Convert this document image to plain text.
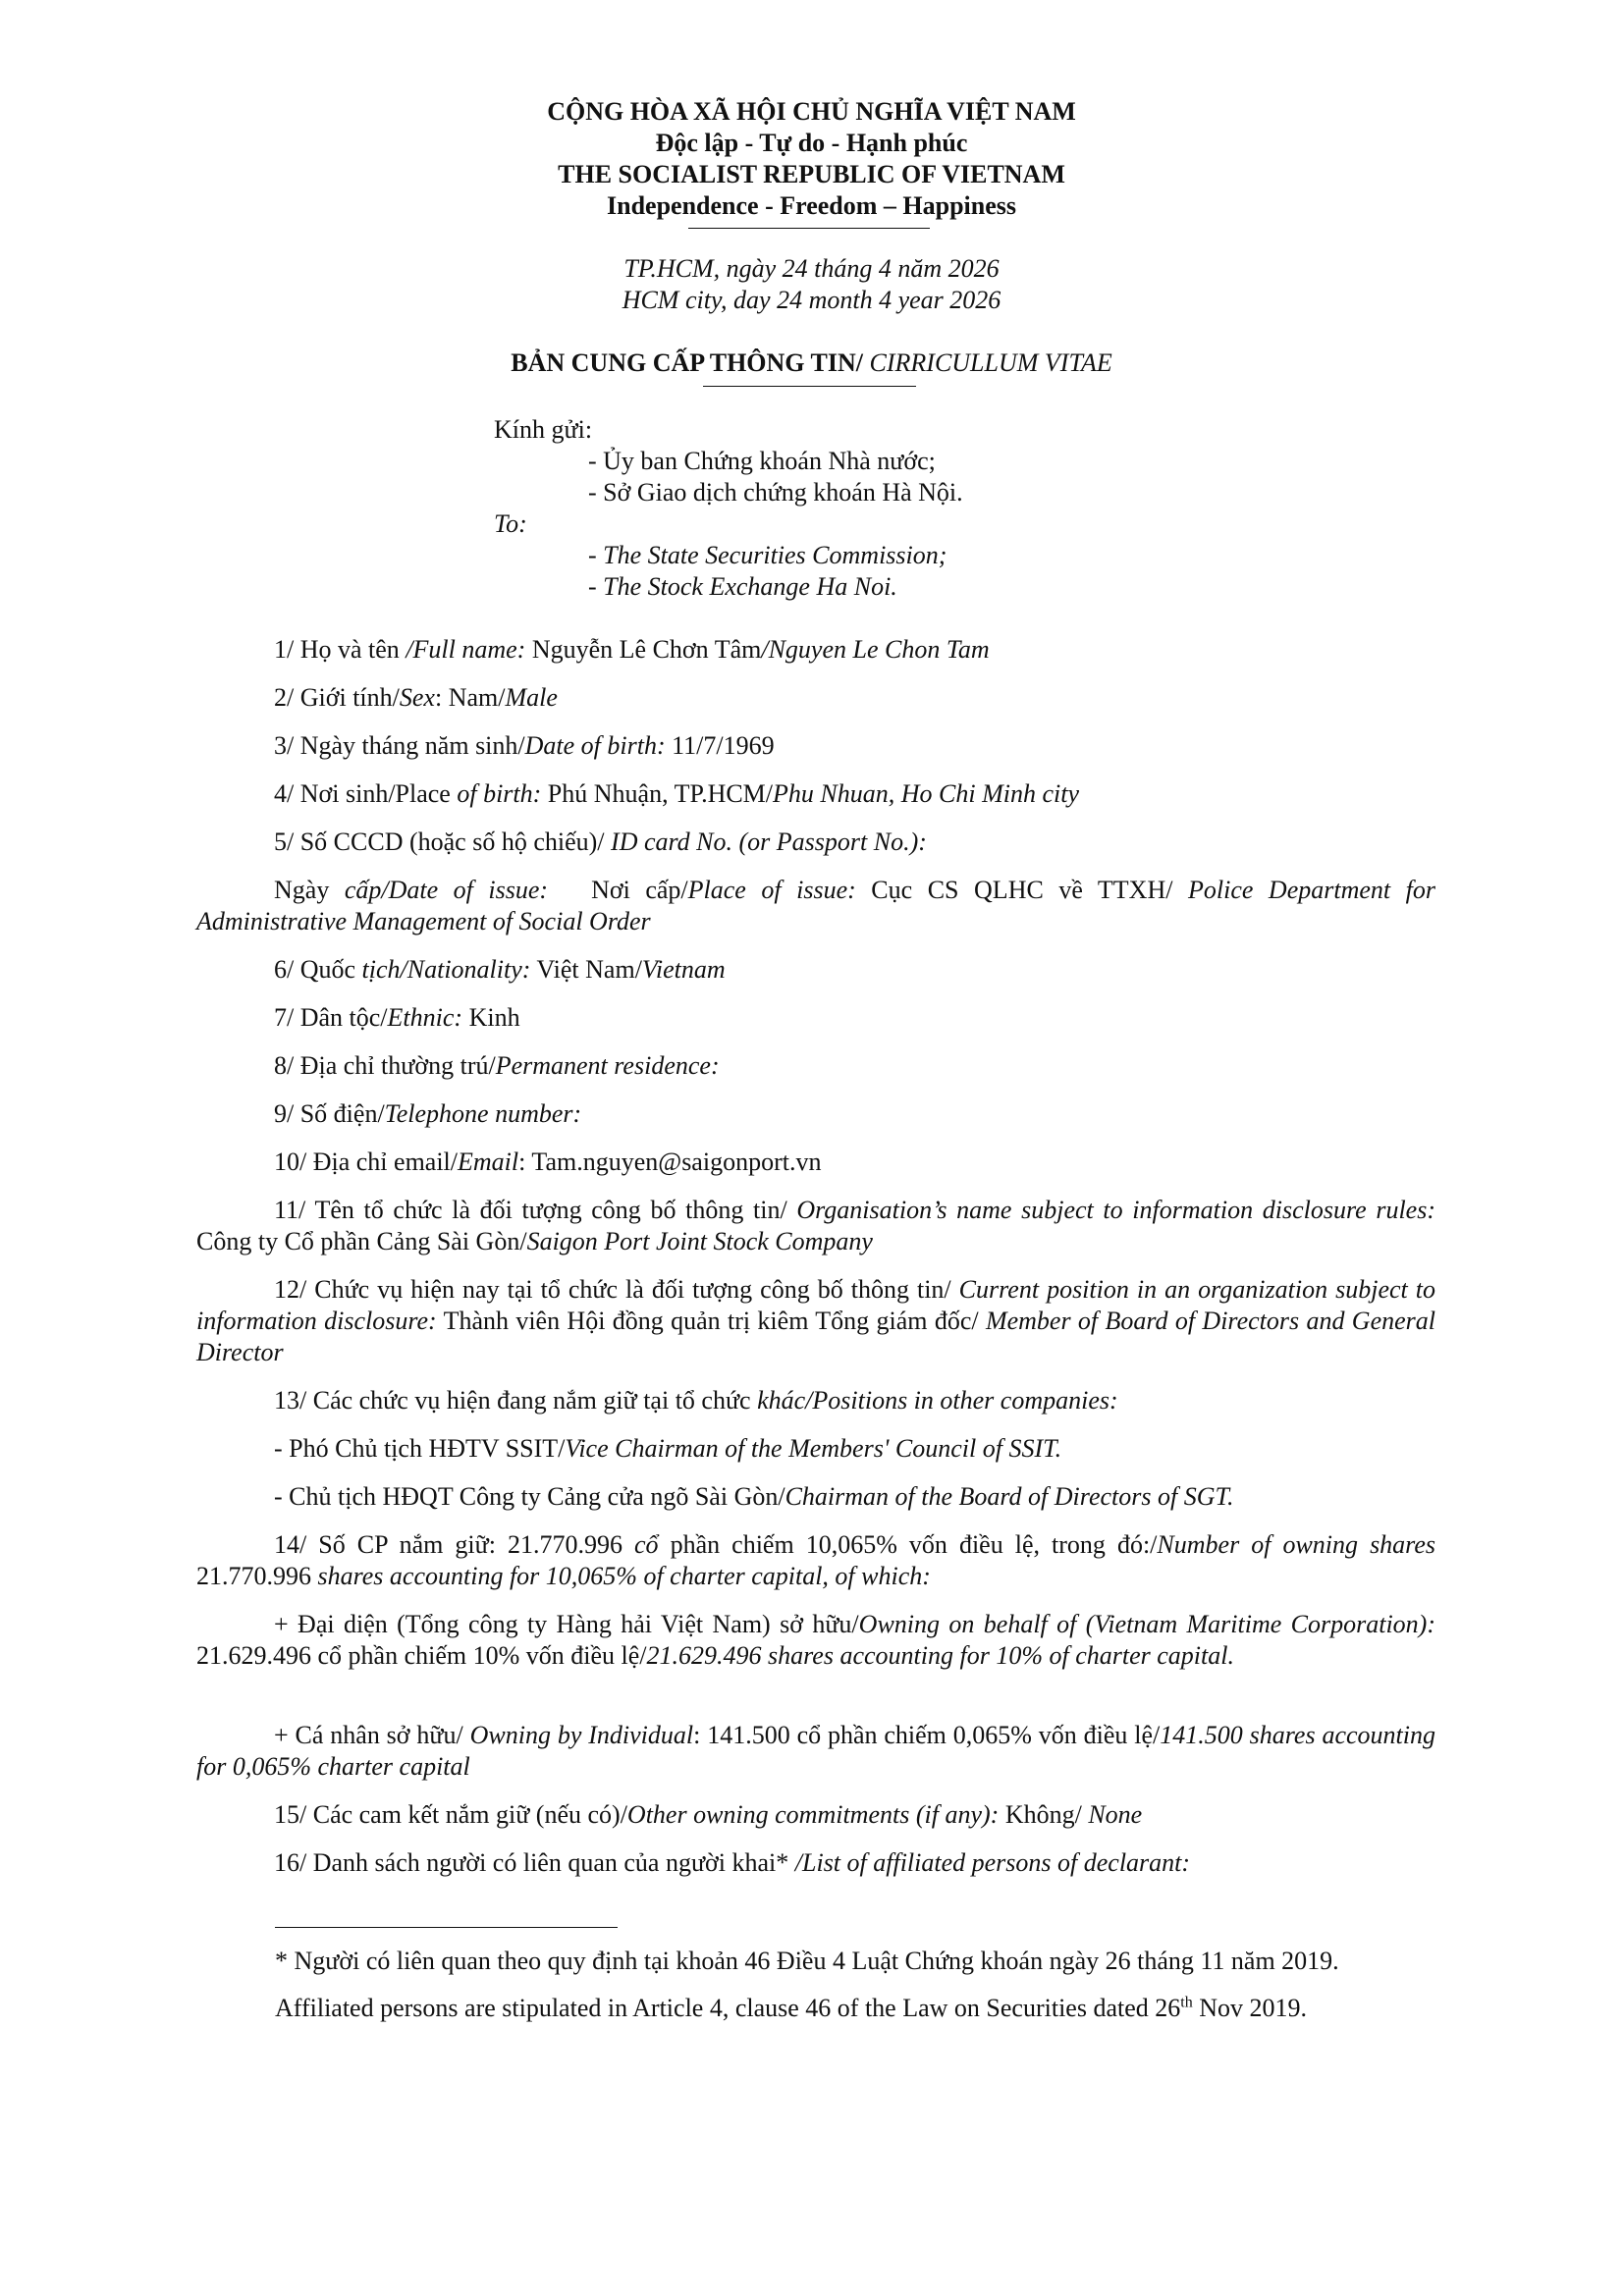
CỘNG HÒA XÃ HỘI CHỦ NGHĨA VIỆT NAM
Độc lập - Tự do - Hạnh phúc
THE SOCIALIST REPUBLIC OF VIETNAM
Independence - Freedom – Happiness
TP.HCM, ngày 24 tháng 4 năm 2026
HCM city, day 24 month 4 year 2026
BẢN CUNG CẤP THÔNG TIN/ CIRRICULLUM VITAE
Kính gửi:
- Ủy ban Chứng khoán Nhà nước;
- Sở Giao dịch chứng khoán Hà Nội.
To:
- The State Securities Commission;
- The Stock Exchange Ha Noi.
1/ Họ và tên /Full name: Nguyễn Lê Chơn Tâm/Nguyen Le Chon Tam
2/ Giới tính/Sex: Nam/Male
3/ Ngày tháng năm sinh/Date of birth: 11/7/1969
4/ Nơi sinh/Place of birth: Phú Nhuận, TP.HCM/Phu Nhuan, Ho Chi Minh city
5/ Số CCCD (hoặc số hộ chiếu)/ ID card No. (or Passport No.):
Ngày cấp/Date of issue: Nơi cấp/Place of issue: Cục CS QLHC về TTXH/ Police Department for Administrative Management of Social Order
6/ Quốc tịch/Nationality: Việt Nam/Vietnam
7/ Dân tộc/Ethnic: Kinh
8/ Địa chỉ thường trú/Permanent residence:
9/ Số điện/Telephone number:
10/ Địa chỉ email/Email: Tam.nguyen@saigonport.vn
11/ Tên tổ chức là đối tượng công bố thông tin/ Organisation’s name subject to information disclosure rules: Công ty Cổ phần Cảng Sài Gòn/Saigon Port Joint Stock Company
12/ Chức vụ hiện nay tại tổ chức là đối tượng công bố thông tin/ Current position in an organization subject to information disclosure: Thành viên Hội đồng quản trị kiêm Tổng giám đốc/ Member of Board of Directors and General Director
13/ Các chức vụ hiện đang nắm giữ tại tổ chức khác/Positions in other companies:
- Phó Chủ tịch HĐTV SSIT/Vice Chairman of the Members' Council of SSIT.
- Chủ tịch HĐQT Công ty Cảng cửa ngõ Sài Gòn/Chairman of the Board of Directors of SGT.
14/ Số CP nắm giữ: 21.770.996 cổ phần chiếm 10,065% vốn điều lệ, trong đó:/Number of owning shares 21.770.996 shares accounting for 10,065% of charter capital, of which:
+ Đại diện (Tổng công ty Hàng hải Việt Nam) sở hữu/Owning on behalf of (Vietnam Maritime Corporation): 21.629.496 cổ phần chiếm 10% vốn điều lệ/21.629.496 shares accounting for 10% of charter capital.
+ Cá nhân sở hữu/ Owning by Individual: 141.500 cổ phần chiếm 0,065% vốn điều lệ/141.500 shares accounting for 0,065% charter capital
15/ Các cam kết nắm giữ (nếu có)/Other owning commitments (if any): Không/ None
16/ Danh sách người có liên quan của người khai* /List of affiliated persons of declarant:
* Người có liên quan theo quy định tại khoản 46 Điều 4 Luật Chứng khoán ngày 26 tháng 11 năm 2019.
Affiliated persons are stipulated in Article 4, clause 46 of the Law on Securities dated 26th Nov 2019.
